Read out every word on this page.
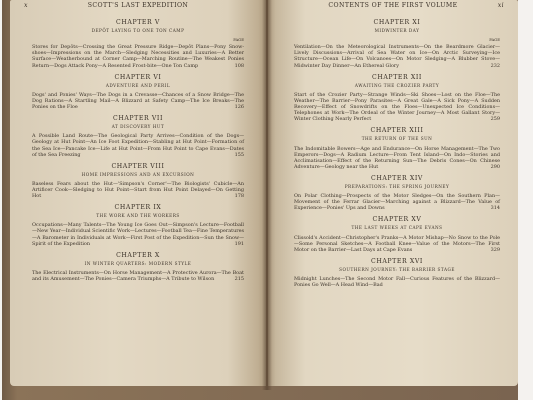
x	SCOTT'S LAST EXPEDITION
CHAPTER V
DEPÔT LAYING TO ONE TON CAMP
PAGE

Stores for Depôts—Crossing the Great Pressure Ridge—Depôt Plans—Pony Snow-shoes—Impressions on the March—Sledging Necessities and Luxuries—A Better Surface—Weatherbound at Corner Camp—Marching Routine—The Weakest Ponies Return—Dogs Attack Pony—A Resented Frost-bite—One Ton Camp	108

CHAPTER VI
ADVENTURE AND PERIL

Dogs' and Ponies' Ways—The Dogs in a Crevasse—Chances of a Snow Bridge—The Dog Rations—A Startling Mail—A Blizzard at Safety Camp—The Ice Breaks—The Ponies on the Floe	126

CHAPTER VII
AT DISCOVERY HUT

A Possible Land Route—The Geological Party Arrives—Condition of the Dogs—Geology at Hut Point—An Ice Foot Expedition—Stabling at Hut Point—Formation of the Sea Ice—Pancake Ice—Life at Hut Point—From Hut Point to Cape Evans—Dates of the Sea Freezing	155

CHAPTER VIII
HOME IMPRESSIONS AND AN EXCURSION

Baseless Fears about the Hut—'Simpson's Corner'—The Biologists' Cubicle—An Artificer Cook—Sledging to Hut Point—Start from Hut Point Delayed—On Getting Hot	178

CHAPTER IX
THE WORK AND THE WORKERS

Occupations—Many Talents—The Young Ice Goes Out—Simpson's Lecture—Football—New Year—Individual Scientific Work—Lectures—Football Tea—Fine Temperatures—A Barometer in Individuals at Work—First Post of the Expedition—Sun the Snow—Spirit of the Expedition	191

CHAPTER X
IN WINTER QUARTERS: MODERN STYLE

The Electrical Instruments—On Horse Management—A Protective Aurora—The Boat and its Amusement—The Ponies—Camera Triumphs—A Tribute to Wilson	215

CONTENTS OF THE FIRST VOLUME	xi
CHAPTER XI
MIDWINTER DAY
PAGE

Ventilation—On the Meteorological Instruments—On the Beardmore Glacier—Lively Discussions—Arrival of Sea Water on Ice—On Arctic Surveying—Ice Structure—Ocean Life—On Volcanoes—On Motor Sledging—A Blubber Stove—Midwinter Day Dinner—An Ethereal Glory	232

CHAPTER XII
AWAITING THE CROZIER PARTY

Start of the Crozier Party—Strange Winds—Ski Shoes—Lost on the Floe—The Weather—The Barrier—Pony Parasites—A Great Gale—A Sick Pony—A Sudden Recovery—Effect of Snowdrifts on the Floes—Unexpected Ice Conditions—Telephones at Work—The Ordeal of the Winter Journey—A Most Gallant Story—Winter Clothing Nearly Perfect	259

CHAPTER XIII
THE RETURN OF THE SUN

The Indomitable Bowers—Age and Endurance—On Horse Management—The Two Emperors—Dogs—A Radium Lecture—From Tent Island—On Indo—Stories and Acclimatisation—Effect of the Returning Sun—The Debris Cones—On Chinese Adventure—Geology near the Hut	290

CHAPTER XIV
PREPARATIONS: THE SPRING JOURNEY

On Polar Clothing—Prospects of the Motor Sledges—On the Southern Plan—Movement of the Ferrar Glacier—Marching against a Blizzard—The Value of Experience—Ponies' Ups and Downs	314

CHAPTER XV
THE LAST WEEKS AT CAPE EVANS

Clissold's Accident—Christopher's Pranks—A Motor Mishap—No Snow to the Pole—Some Personal Sketches—A Football Knee—Value of the Motors—The First Motor on the Barrier—Last Days at Cape Evans	329

CHAPTER XVI
SOUTHERN JOURNEY: THE BARRIER STAGE

Midnight Lunches—The Second Motor Fall—Curious Features of the Blizzard—Ponies Go Well—A Head Wind—Bad
